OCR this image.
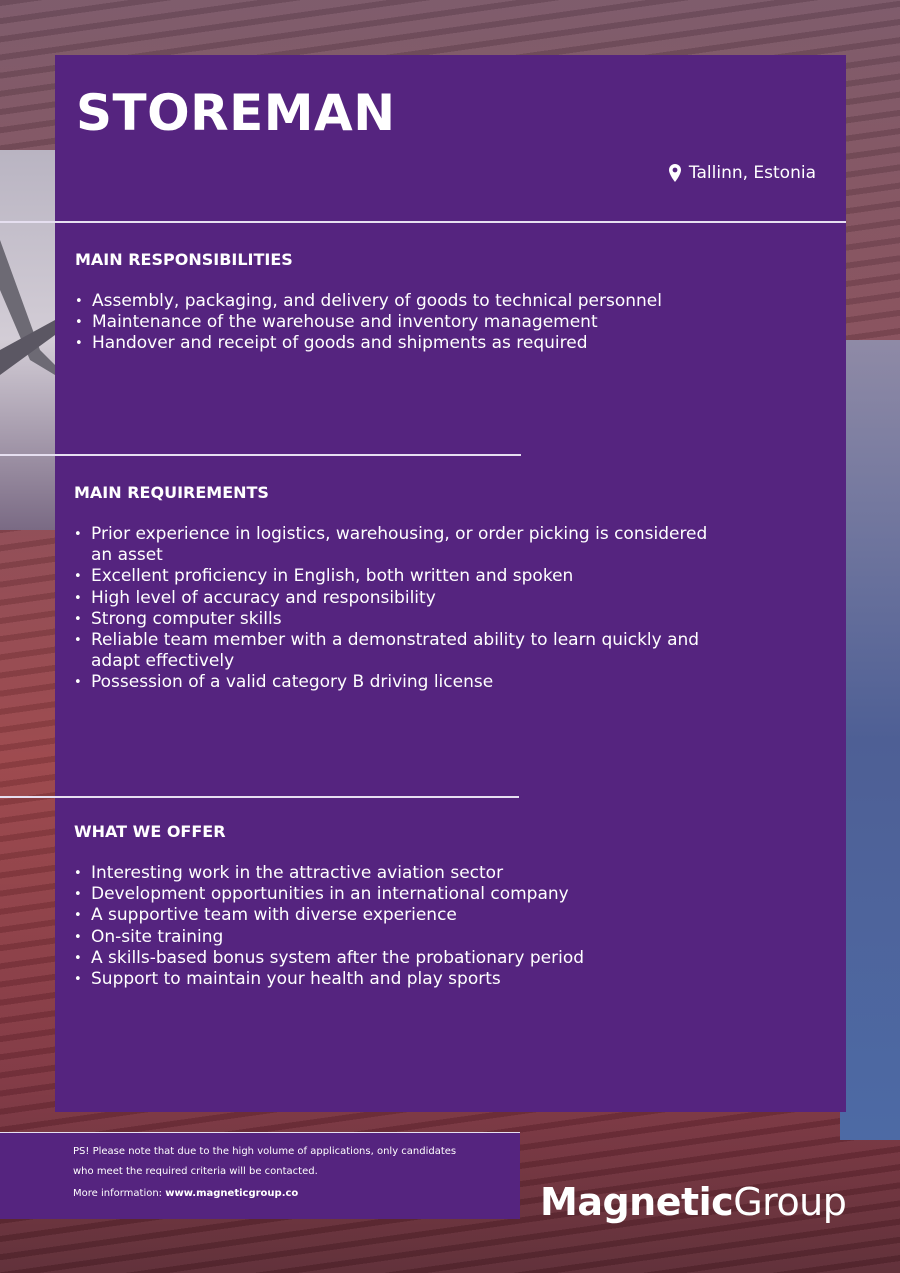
STOREMAN
Tallinn, Estonia
MAIN RESPONSIBILITIES
• Assembly, packaging, and delivery of goods to technical personnel
• Maintenance of the warehouse and inventory management
• Handover and receipt of goods and shipments as required
MAIN REQUIREMENTS
• Prior experience in logistics, warehousing, or order picking is considered an asset
• Excellent proficiency in English, both written and spoken
• High level of accuracy and responsibility
• Strong computer skills
• Reliable team member with a demonstrated ability to learn quickly and adapt effectively
• Possession of a valid category B driving license
WHAT WE OFFER
• Interesting work in the attractive aviation sector
• Development opportunities in an international company
• A supportive team with diverse experience
• On-site training
• A skills-based bonus system after the probationary period
• Support to maintain your health and play sports

PS! Please note that due to the high volume of applications, only candidates

who meet the required criteria will be contacted.

More information: www.magneticgroup.co	MagneticGroup
